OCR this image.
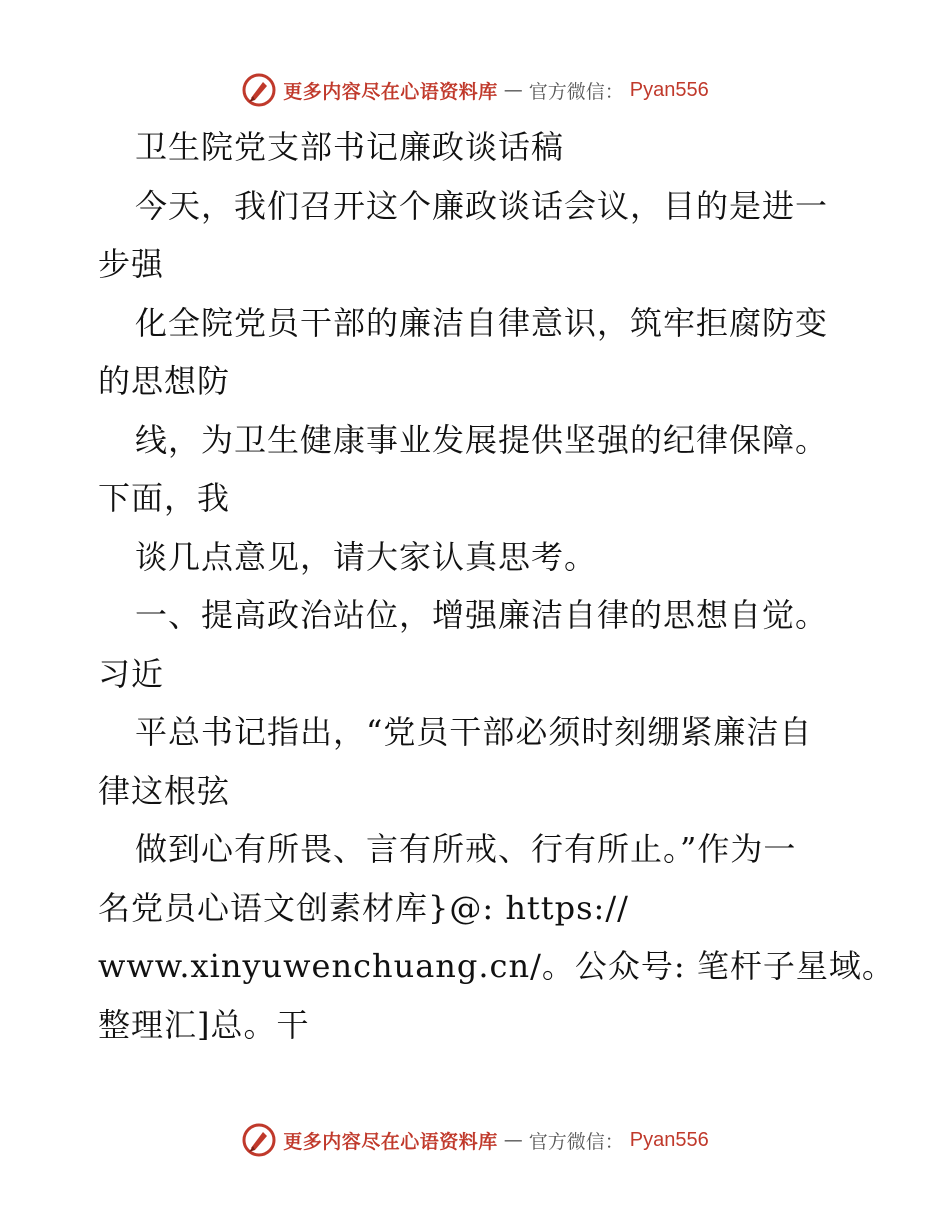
更多内容尽在心语资料库 — 官方微信： Pyan556
卫生院党支部书记廉政谈话稿
今天，我们召开这个廉政谈话会议，目的是进一
步强
化全院党员干部的廉洁自律意识，筑牢拒腐防变
的思想防
线，为卫生健康事业发展提供坚强的纪律保障。
下面，我
谈几点意见，请大家认真思考。
一、提高政治站位，增强廉洁自律的思想自觉。
习近
平总书记指出，“党员干部必须时刻绷紧廉洁自
律这根弦
做到心有所畏、言有所戒、行有所止。”作为一
名党员心语文创素材库}@: https://
www.xinyuwenchuang.cn/。公众号: 笔杆子星域。
整理汇]总。干
更多内容尽在心语资料库 — 官方微信： Pyan556
